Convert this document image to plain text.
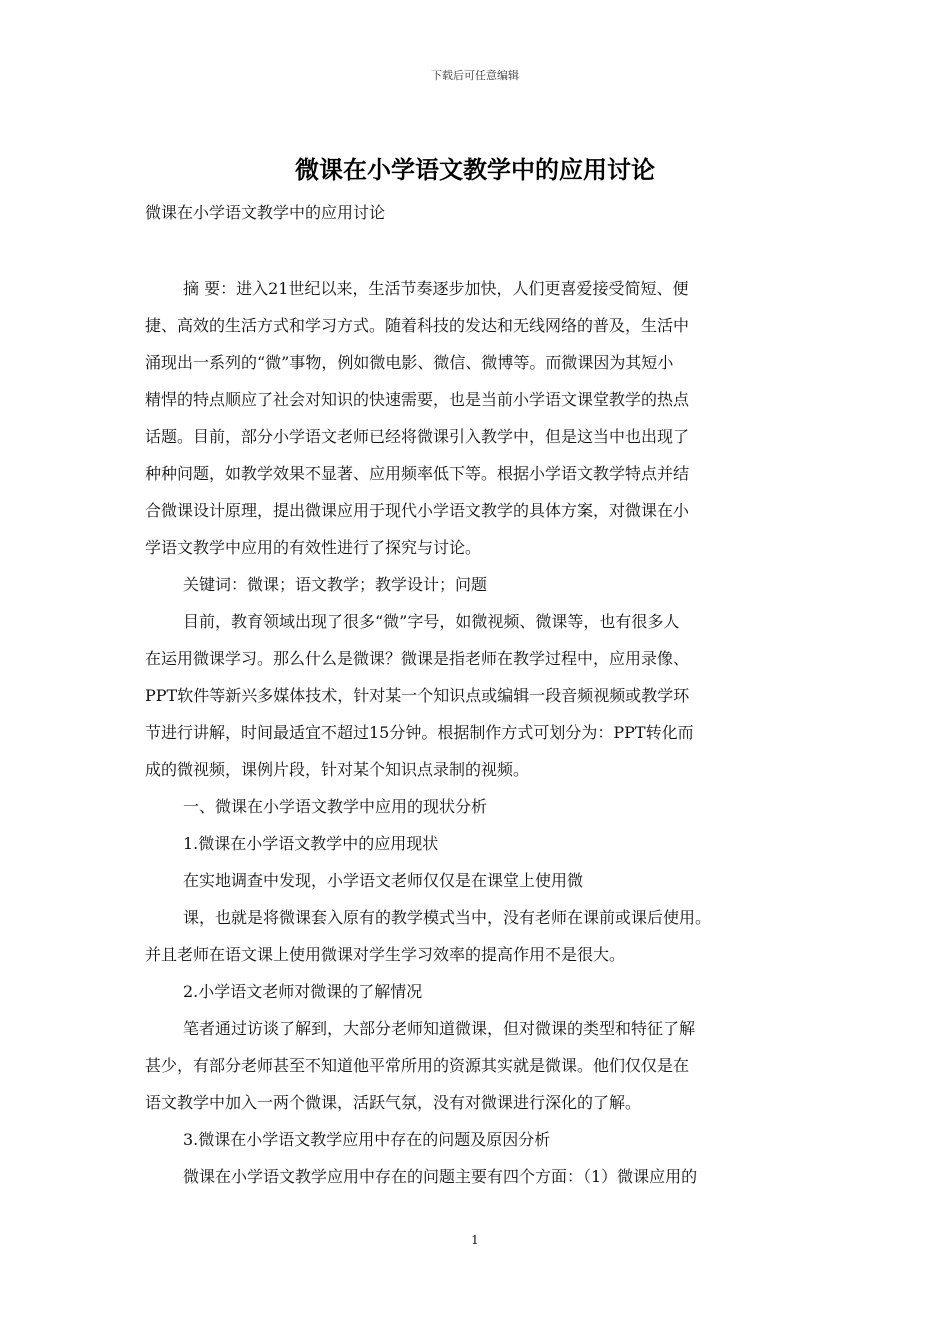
下载后可任意编辑
微课在小学语文教学中的应用讨论
微课在小学语文教学中的应用讨论
摘 要：进入21世纪以来，生活节奏逐步加快，人们更喜爱接受简短、便
捷、高效的生活方式和学习方式。随着科技的发达和无线网络的普及，生活中
涌现出一系列的“微”事物，例如微电影、微信、微博等。而微课因为其短小
精悍的特点顺应了社会对知识的快速需要，也是当前小学语文课堂教学的热点
话题。目前，部分小学语文老师已经将微课引入教学中，但是这当中也出现了
种种问题，如教学效果不显著、应用频率低下等。根据小学语文教学特点并结
合微课设计原理，提出微课应用于现代小学语文教学的具体方案，对微课在小
学语文教学中应用的有效性进行了探究与讨论。
关键词：微课；语文教学；教学设计；问题
目前，教育领域出现了很多“微”字号，如微视频、微课等，也有很多人
在运用微课学习。那么什么是微课？微课是指老师在教学过程中，应用录像、
PPT软件等新兴多媒体技术，针对某一个知识点或编辑一段音频视频或教学环
节进行讲解，时间最适宜不超过15分钟。根据制作方式可划分为：PPT转化而
成的微视频，课例片段，针对某个知识点录制的视频。
一、微课在小学语文教学中应用的现状分析
1.微课在小学语文教学中的应用现状
在实地调查中发现，小学语文老师仅仅是在课堂上使用微
课，也就是将微课套入原有的教学模式当中，没有老师在课前或课后使用。
并且老师在语文课上使用微课对学生学习效率的提高作用不是很大。
2.小学语文老师对微课的了解情况
笔者通过访谈了解到，大部分老师知道微课，但对微课的类型和特征了解
甚少，有部分老师甚至不知道他平常所用的资源其实就是微课。他们仅仅是在
语文教学中加入一两个微课，活跃气氛，没有对微课进行深化的了解。
3.微课在小学语文教学应用中存在的问题及原因分析
微课在小学语文教学应用中存在的问题主要有四个方面：（1）微课应用的
1
